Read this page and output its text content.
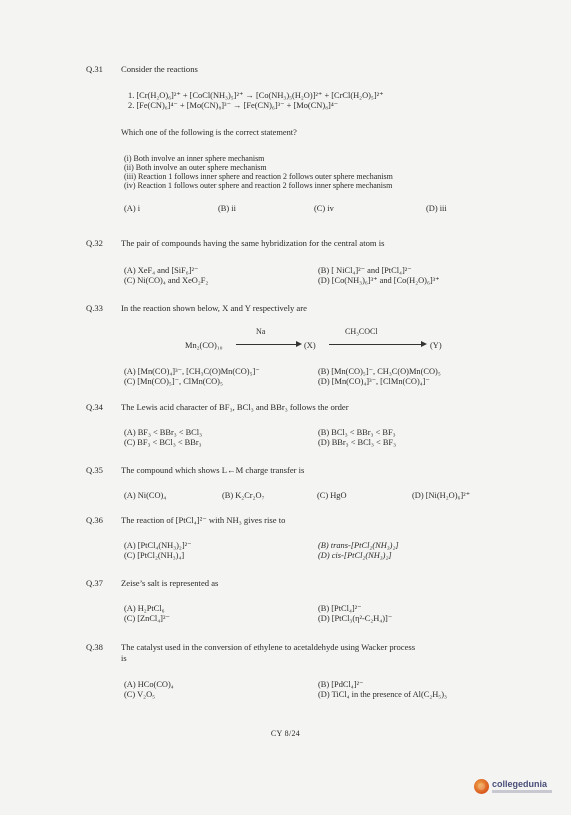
Q.31	Consider the reactions
1. [Cr(H₂O)₆]²⁺ + [CoCl(NH₃)₅]²⁺ → [Co(NH₃)₅(H₂O)]²⁺ + [CrCl(H₂O)₅]²⁺
2. [Fe(CN)₆]⁴⁻ + [Mo(CN)₈]³⁻ → [Fe(CN)₆]³⁻ + [Mo(CN)₈]⁴⁻
Which one of the following is the correct statement?
(i) Both involve an inner sphere mechanism
(ii) Both involve an outer sphere mechanism
(iii) Reaction 1 follows inner sphere and reaction 2 follows outer sphere mechanism
(iv) Reaction 1 follows outer sphere and reaction 2 follows inner sphere mechanism
(A) i	(B) ii	(C) iv	(D) iii
Q.32	The pair of compounds having the same hybridization for the central atom is
(A) XeF₄ and [SiF₆]²⁻	(B) [ NiCl₄]²⁻ and [PtCl₄]²⁻
(C) Ni(CO)₄ and XeO₂F₂	(D) [Co(NH₃)₆]³⁺ and [Co(H₂O)₆]³⁺
Q.33	In the reaction shown below, X and Y respectively are
Mn₂(CO)₁₀
Na
(X)
CH₃COCl
(Y)
(A) [Mn(CO)₄]³⁻, [CH₃C(O)Mn(CO)₅]⁻	(B) [Mn(CO)₅]⁻, CH₃C(O)Mn(CO)₅
(C) [Mn(CO)₅]⁻, ClMn(CO)₅	(D) [Mn(CO)₄]³⁻, [ClMn(CO)₄]⁻
Q.34	The Lewis acid character of BF₃, BCl₃ and BBr₃ follows the order
(A) BF₃ < BBr₃ < BCl₃	(B) BCl₃ < BBr₃ < BF₃
(C) BF₃ < BCl₃ < BBr₃	(D) BBr₃ < BCl₃ < BF₃
Q.35	The compound which shows L←M charge transfer is
(A) Ni(CO)₄	(B) K₂Cr₂O₇	(C) HgO	(D) [Ni(H₂O)₆]²⁺
Q.36	The reaction of [PtCl₄]²⁻ with NH₃ gives rise to
(A) [PtCl₄(NH₃)₂]²⁻	(B) trans-[PtCl₂(NH₃)₂]
(C) [PtCl₂(NH₃)₄]	(D) cis-[PtCl₂(NH₃)₂]
Q.37	Zeise’s salt is represented as
(A) H₂PtCl₆	(B) [PtCl₄]²⁻
(C) [ZnCl₄]²⁻	(D) [PtCl₃(η²-C₂H₄)]⁻
Q.38	The catalyst used in the conversion of ethylene to acetaldehyde using Wacker process
is
(A) HCo(CO)₄	(B) [PdCl₄]²⁻
(C) V₂O₅	(D) TiCl₄ in the presence of Al(C₂H₅)₃
CY 8/24
collegedunia
